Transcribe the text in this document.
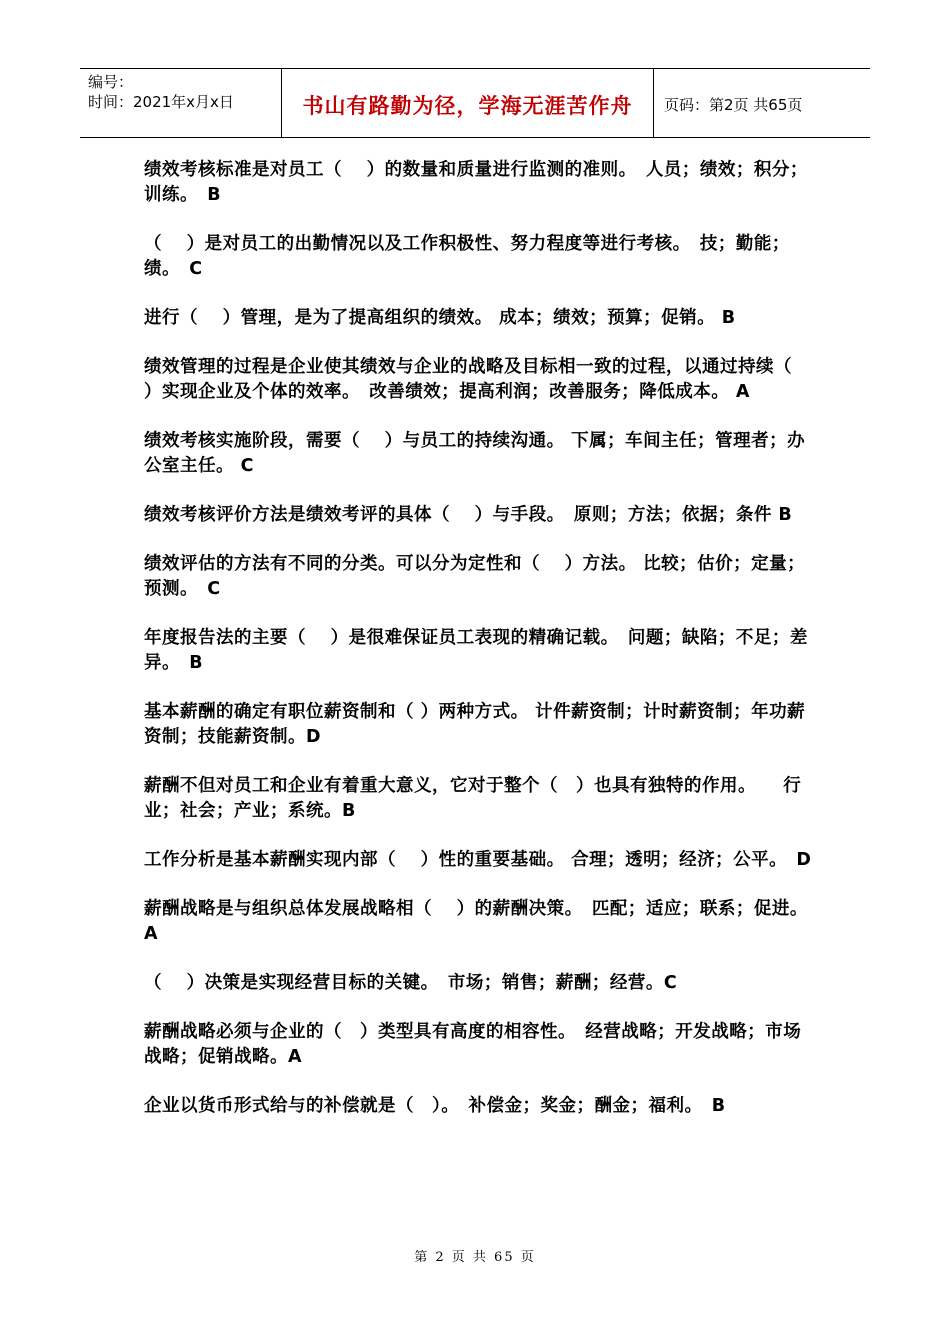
编号：
时间：2021年x月x日	书山有路勤为径，学海无涯苦作舟	页码：第2页 共65页

绩效考核标准是对员工（　 ）的数量和质量进行监测的准则。　人员；绩效；积分；训练。　B

（　 ）是对员工的出勤情况以及工作积极性、努力程度等进行考核。　技；勤能；绩。　C

进行（　 ）管理，是为了提高组织的绩效。 成本；绩效；预算；促销。 B

绩效管理的过程是企业使其绩效与企业的战略及目标相一致的过程，以通过持续（　　）实现企业及个体的效率。　改善绩效；提高利润；改善服务；降低成本。 A

绩效考核实施阶段，需要（　 ）与员工的持续沟通。 下属；车间主任；管理者；办公室主任。 C

绩效考核评价方法是绩效考评的具体（　 ）与手段。　原则；方法；依据；条件 B

绩效评估的方法有不同的分类。可以分为定性和（　 ）方法。 比较；估价；定量；预测。　C

年度报告法的主要（　 ）是很难保证员工表现的精确记载。　问题；缺陷；不足；差异。　B

基本薪酬的确定有职位薪资制和（ ）两种方式。 计件薪资制；计时薪资制；年功薪资制；技能薪资制。D

薪酬不但对员工和企业有着重大意义，它对于整个（　）也具有独特的作用。　　行业；社会；产业；系统。B

工作分析是基本薪酬实现内部（　 ）性的重要基础。 合理；透明；经济；公平。　D

薪酬战略是与组织总体发展战略相（　 ）的薪酬决策。　匹配；适应；联系；促进。 A

（　 ）决策是实现经营目标的关键。　市场；销售；薪酬；经营。C

薪酬战略必须与企业的（　）类型具有高度的相容性。　经营战略；开发战略；市场战略；促销战略。A

企业以货币形式给与的补偿就是（　）。　补偿金；奖金；酬金；福利。　B

第 2 页 共 65 页
